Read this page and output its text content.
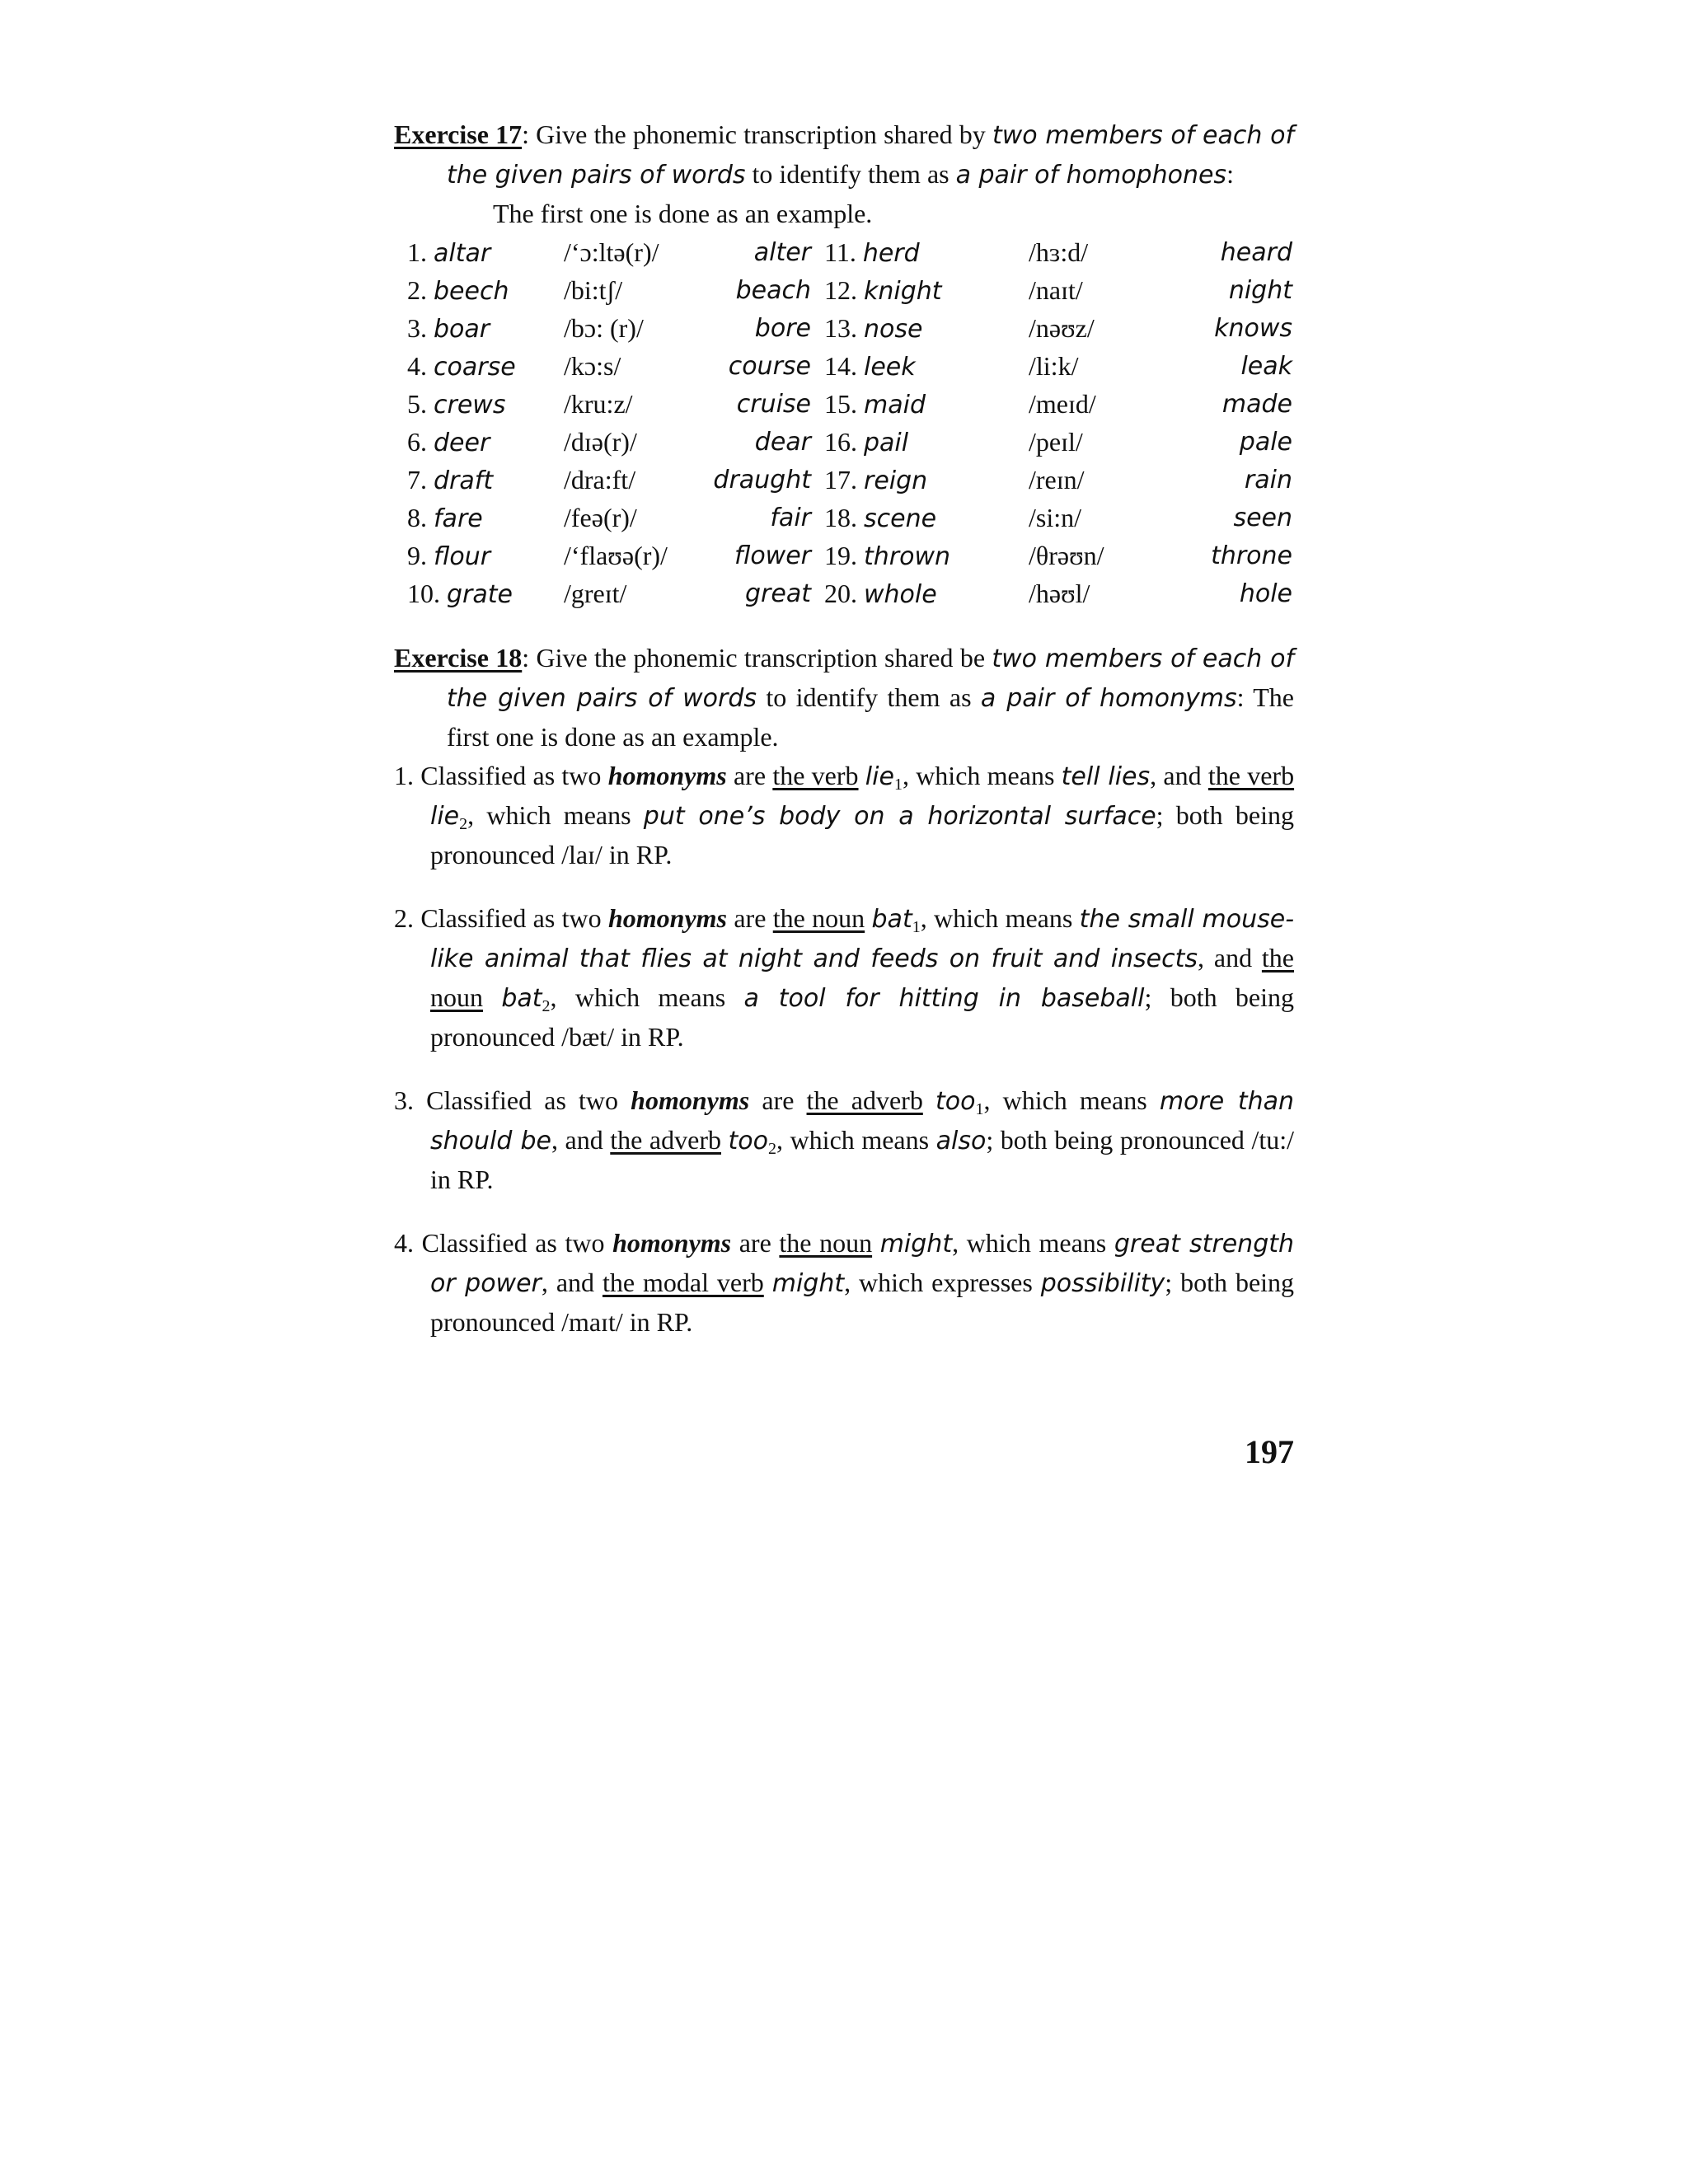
Exercise 17: Give the phonemic transcription shared by two members of each of the given pairs of words to identify them as a pair of homophones:
The first one is done as an example.
1. altar	/‘ɔ:ltə(r)/	alter 11. herd	/hɜ:d/	heard
2. beech /bi:tʃ/	beach 12. knight	/naɪt/	night
3. boar	/bɔ: (r)/	bore 13. nose	/nəʊz/	knows
4. coarse /kɔ:s/	course 14. leek	/li:k/	leak
5. crews /kru:z/	cruise 15. maid	/meɪd/	made
6. deer	/dɪə(r)/	dear 16. pail	/peɪl/	pale
7. draft	/dra:ft/	draught 17. reign	/reɪn/	rain
8. fare	/feə(r)/	fair 18. scene	/si:n/	seen
9. flour	/‘flaʊə(r)/	flower 19. thrown	/θrəʊn/	throne
10. grate /greɪt/	great 20. whole	/həʊl/	hole
Exercise 18: Give the phonemic transcription shared be two members of each of the given pairs of words to identify them as a pair of homonyms: The first one is done as an example.
1. Classified as two homonyms are the verb lie$_1$, which means tell lies, and the verb lie$_2$, which means put one’s body on a horizontal surface; both being pronounced /laɪ/ in RP.
2. Classified as two homonyms are the noun bat$_1$, which means the small mouse-like animal that flies at night and feeds on fruit and insects, and the noun bat$_2$, which means a tool for hitting in baseball; both being pronounced /bæt/ in RP.
3. Classified as two homonyms are the adverb too$_1$, which means more than should be, and the adverb too$_2$, which means also; both being pronounced /tu:/ in RP.
4. Classified as two homonyms are the noun might, which means great strength or power, and the modal verb might, which expresses possibility; both being pronounced /maɪt/ in RP.
197
